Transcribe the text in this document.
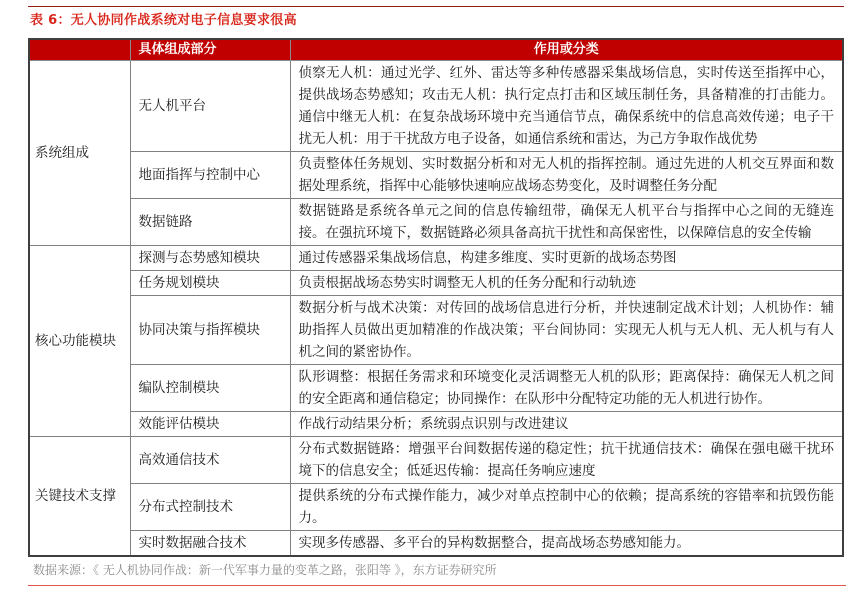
表 6：无人协同作战系统对电子信息要求很高
	具体组成部分	作用或分类
系统组成	无人机平台	侦察无人机：通过光学、红外、雷达等多种传感器采集战场信息，实时传送至指挥中心，提供战场态势感知；攻击无人机：执行定点打击和区域压制任务，具备精准的打击能力。通信中继无人机：在复杂战场环境中充当通信节点，确保系统中的信息高效传递；电子干扰无人机：用于干扰敌方电子设备，如通信系统和雷达，为己方争取作战优势
	地面指挥与控制中心	负责整体任务规划、实时数据分析和对无人机的指挥控制。通过先进的人机交互界面和数据处理系统，指挥中心能够快速响应战场态势变化，及时调整任务分配
	数据链路	数据链路是系统各单元之间的信息传输纽带，确保无人机平台与指挥中心之间的无缝连接。在强抗环境下，数据链路必须具备高抗干扰性和高保密性，以保障信息的安全传输
核心功能模块	探测与态势感知模块	通过传感器采集战场信息，构建多维度、实时更新的战场态势图
	任务规划模块	负责根据战场态势实时调整无人机的任务分配和行动轨迹
	协同决策与指挥模块	数据分析与战术决策：对传回的战场信息进行分析，并快速制定战术计划；人机协作：辅助指挥人员做出更加精准的作战决策；平台间协同：实现无人机与无人机、无人机与有人机之间的紧密协作。
	编队控制模块	队形调整：根据任务需求和环境变化灵活调整无人机的队形；距离保持：确保无人机之间的安全距离和通信稳定；协同操作：在队形中分配特定功能的无人机进行协作。
	效能评估模块	作战行动结果分析；系统弱点识别与改进建议
关键技术支撑	高效通信技术	分布式数据链路：增强平台间数据传递的稳定性；抗干扰通信技术：确保在强电磁干扰环境下的信息安全；低延迟传输：提高任务响应速度
	分布式控制技术	提供系统的分布式操作能力，减少对单点控制中心的依赖；提高系统的容错率和抗毁伤能力。
	实时数据融合技术	实现多传感器、多平台的异构数据整合，提高战场态势感知能力。
数据来源：《 无人机协同作战：新一代军事力量的变革之路，张阳等 》，东方证券研究所
